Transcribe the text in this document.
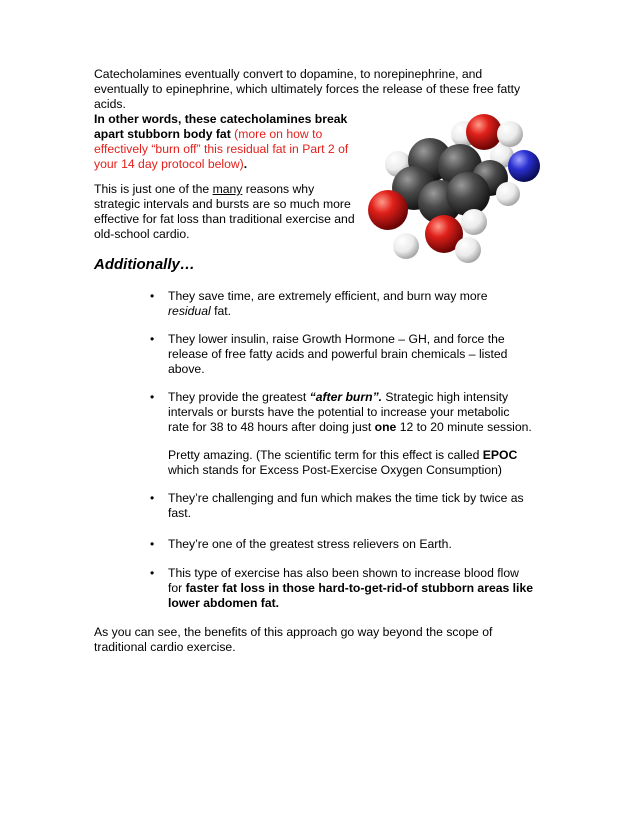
Catecholamines eventually convert to dopamine, to norepinephrine, and

eventually to epinephrine, which ultimately forces the release of these free fatty

acids.

In other words, these catecholamines break

apart stubborn body fat (more on how to

effectively “burn off” this residual fat in Part 2 of

your 14 day protocol below).

This is just one of the many reasons why

strategic intervals and bursts are so much more

effective for fat loss than traditional exercise and

old-school cardio.

Additionally…

• They save time, are extremely efficient, and burn way more

residual fat.

• They lower insulin, raise Growth Hormone – GH, and force the

release of free fatty acids and powerful brain chemicals – listed

above.

• They provide the greatest “after burn”. Strategic high intensity

intervals or bursts have the potential to increase your metabolic

rate for 38 to 48 hours after doing just one 12 to 20 minute session.

Pretty amazing. (The scientific term for this effect is called EPOC

which stands for Excess Post-Exercise Oxygen Consumption)

• They’re challenging and fun which makes the time tick by twice as

fast.

• They’re one of the greatest stress relievers on Earth.

• This type of exercise has also been shown to increase blood flow

for faster fat loss in those hard-to-get-rid-of stubborn areas like

lower abdomen fat.

As you can see, the benefits of this approach go way beyond the scope of

traditional cardio exercise.
